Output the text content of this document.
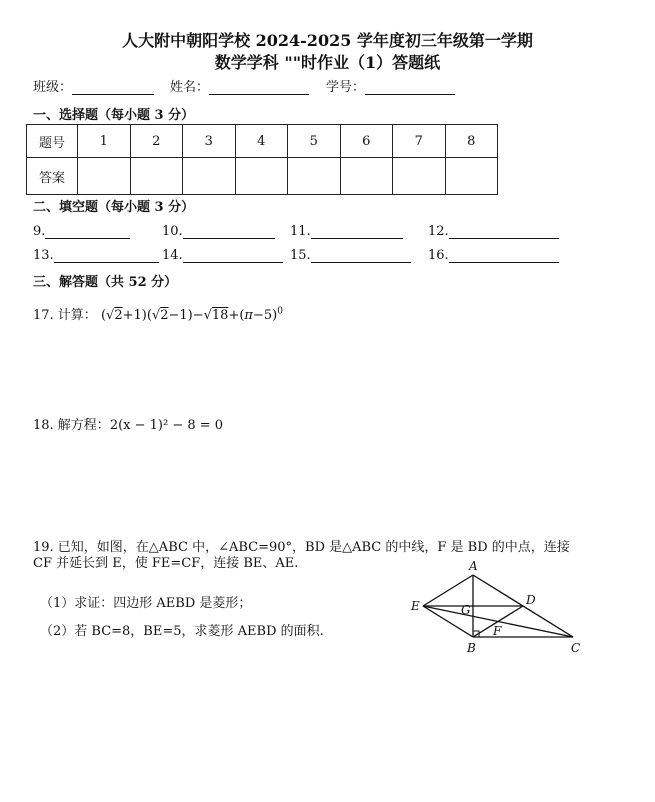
人大附中朝阳学校 2024-2025 学年度初三年级第一学期
数学学科 ""时作业（1）答题纸
班级：	姓名：	学号：
一、选择题（每小题 3 分）
题号	1	2	3	4	5	6	7	8
答案								
二、填空题（每小题 3 分）
9.	10.	11.	12.
13.	14.	15.	16.
三、解答题（共 52 分）
17. 计算： $(√2+1)(√2-1)-√18+(\pi-5)^0$
18. 解方程：2(x − 1)² − 8 = 0
19. 已知，如图，在△ABC 中，∠ABC=90°，BD 是△ABC 的中线，F 是 BD 的中点，连接 CF 并延长到 E，使 FE=CF，连接 BE、AE.
（1）求证：四边形 AEBD 是菱形；
（2）若 BC=8，BE=5，求菱形 AEBD 的面积.
A
B	C
D
E
F
G
